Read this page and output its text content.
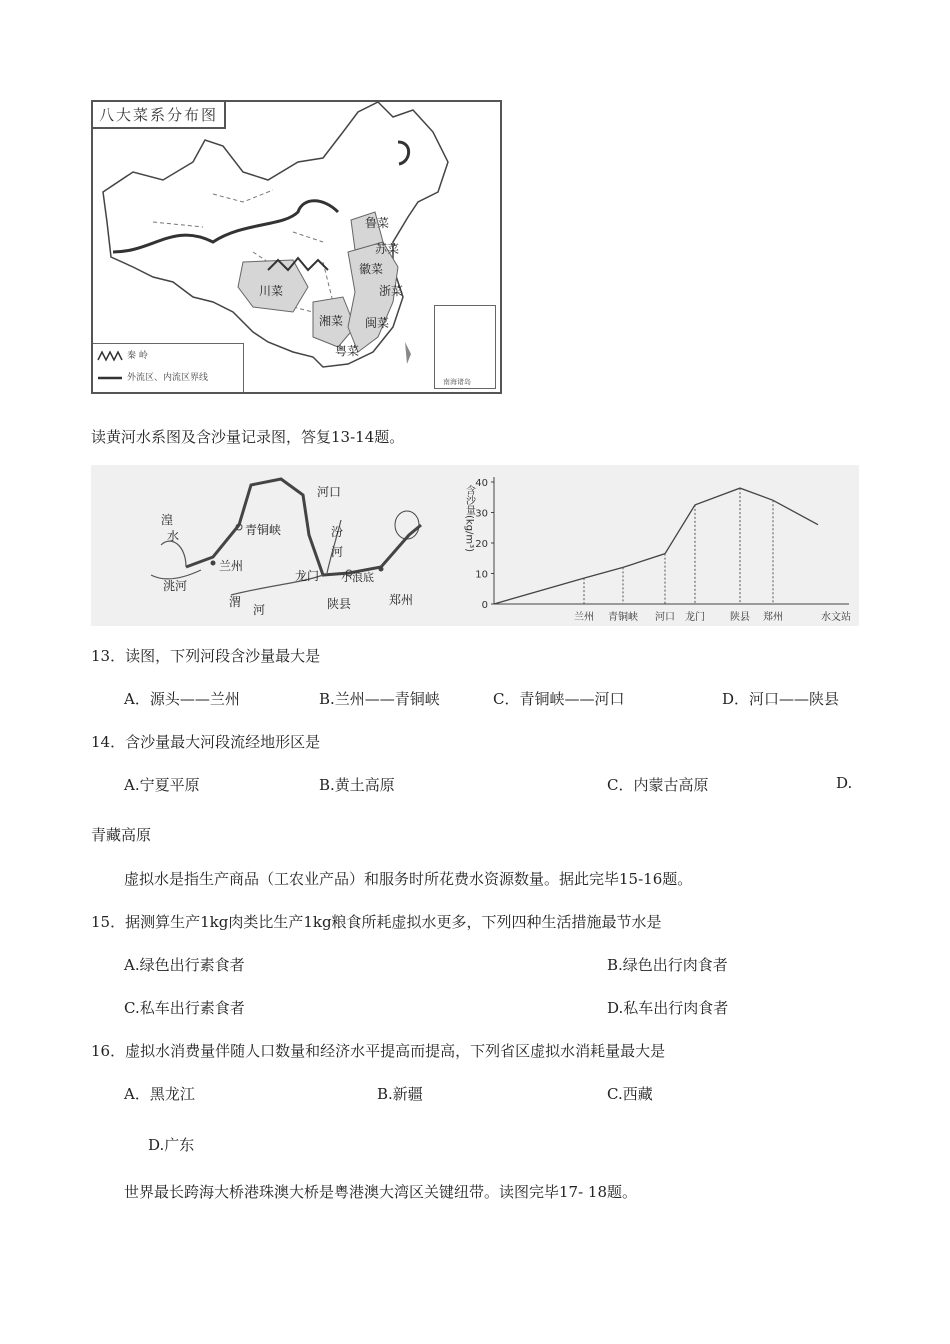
八大菜系分布图
鲁菜
苏菜
徽菜
浙菜
川菜
湘菜 闽菜
粤菜
秦 岭
外流区、内流区界线	南海诸岛
读黄河水系图及含沙量记录图，答复13-14题。
湟
水
兰州
洮河
青铜峡
河口
汾
河
龙门 小浪底
渭
河	陕县	郑州	0
10
20
30
40
含沙量(kg/m³)
兰州 青铜峡 河口 龙门	陕县 郑州	水文站
13．读图，下列河段含沙量最大是
A．源头——兰州	B.兰州——青铜峡	C．青铜峡——河口	D．河口——陕县
14．含沙量最大河段流经地形区是
A.宁夏平原	B.黄土高原	C．内蒙古高原	D.
青藏高原
虚拟水是指生产商品（工农业产品）和服务时所花费水资源数量。据此完毕15-16题。
15．据测算生产1kg肉类比生产1kg粮食所耗虚拟水更多，下列四种生活措施最节水是
A.绿色出行素食者	B.绿色出行肉食者
C.私车出行素食者	D.私车出行肉食者
16．虚拟水消费量伴随人口数量和经济水平提高而提高，下列省区虚拟水消耗量最大是
A．黑龙江	B.新疆	C.西藏
D.广东
世界最长跨海大桥港珠澳大桥是粤港澳大湾区关键纽带。读图完毕17- 18题。
